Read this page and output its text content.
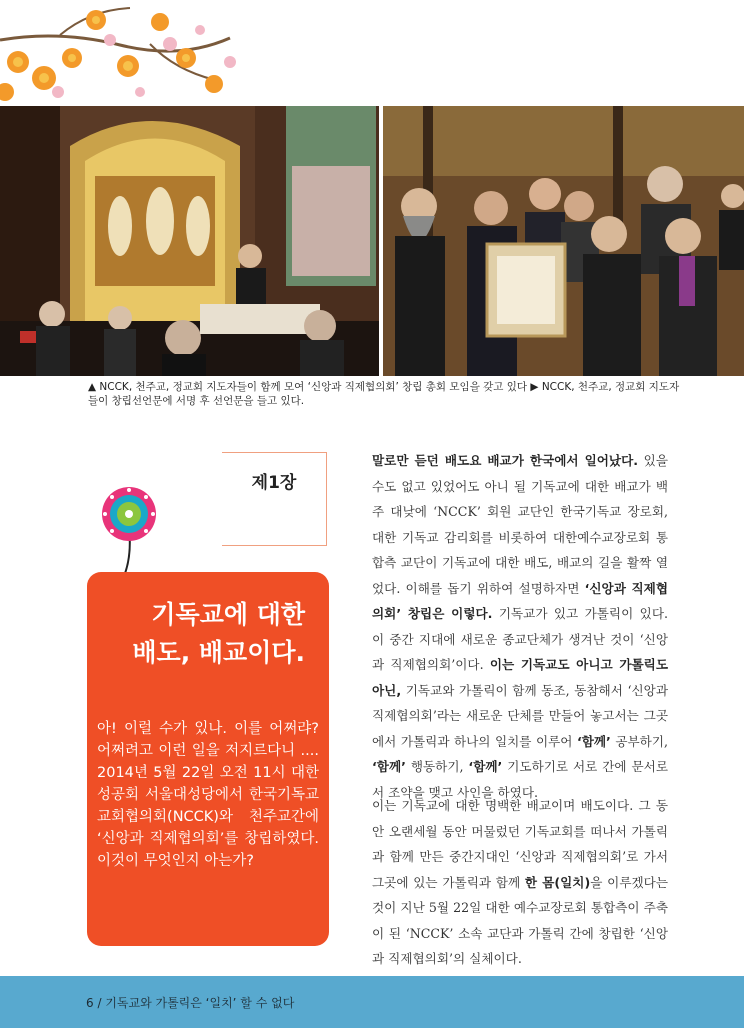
▲ NCCK, 천주교, 정교회 지도자들이 함께 모여 ‘신앙과 직제협의회’ 창립 총회 모임을 갖고 있다 ▶ NCCK, 천주교, 정교회 지도자들이 창립선언문에 서명 후 선언문을 들고 있다.
제1장
기독교에 대한
배도, 배교이다.
아! 이럴 수가 있나. 이를 어쩌랴? 어쩌려고 이런 일을 저지르다니 .... 2014년 5월 22일 오전 11시 대한성공회 서울대성당에서 한국기독교교회협의회(NCCK)와 천주교간에 ‘신앙과 직제협의회’를 창립하였다. 이것이 무엇인지 아는가?
말로만 듣던 배도요 배교가 한국에서 일어났다. 있을 수도 없고 있었어도 아니 될 기독교에 대한 배교가 백주 대낮에 ‘NCCK’ 회원 교단인 한국기독교 장로회, 대한 기독교 감리회를 비롯하여 대한예수교장로회 통합측 교단이 기독교에 대한 배도, 배교의 길을 활짝 열었다. 이해를 돕기 위하여 설명하자면 ‘신앙과 직제협의회’ 창립은 이렇다. 기독교가 있고 가톨릭이 있다. 이 중간 지대에 새로운 종교단체가 생겨난 것이 ‘신앙과 직제협의회’이다. 이는 기독교도 아니고 가톨릭도 아닌, 기독교와 가톨릭이 함께 동조, 동참해서 ‘신앙과 직제협의회’라는 새로운 단체를 만들어 놓고서는 그곳에서 가톨릭과 하나의 일치를 이루어 ‘함께’ 공부하기, ‘함께’ 행동하기, ‘함께’ 기도하기로 서로 간에 문서로서 조약을 맺고 사인을 하였다.
이는 기독교에 대한 명백한 배교이며 배도이다. 그 동안 오랜세월 동안 머물렀던 기독교회를 떠나서 가톨릭과 함께 만든 중간지대인 ‘신앙과 직제협의회’로 가서 그곳에 있는 가톨릭과 함께 한 몸(일치)을 이루겠다는 것이 지난 5월 22일 대한 예수교장로회 통합측이 주축이 된 ‘NCCK’ 소속 교단과 가톨릭 간에 창립한 ‘신앙과 직제협의회’의 실체이다.
6 / 기독교와 가톨릭은 ‘일치’ 할 수 없다
